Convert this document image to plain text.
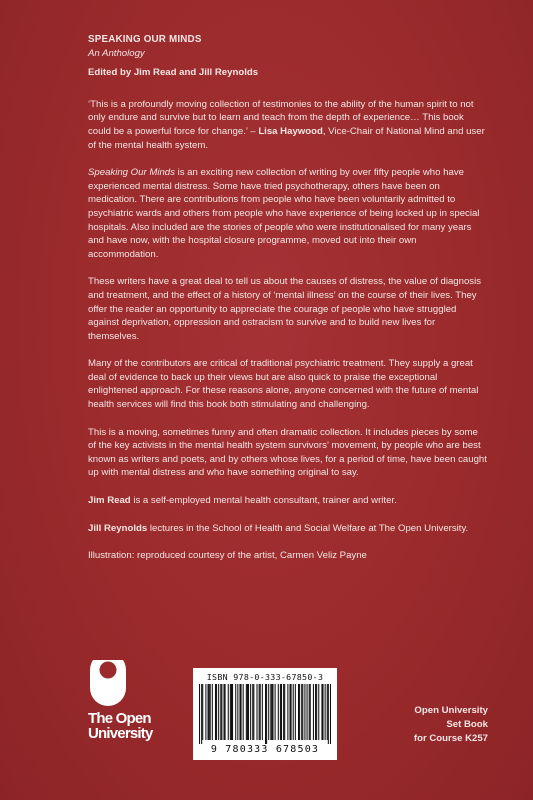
SPEAKING OUR MINDS
An Anthology
Edited by Jim Read and Jill Reynolds

‘This is a profoundly moving collection of testimonies to the ability of the human spirit to not only endure and survive but to learn and teach from the depth of experience… This book could be a powerful force for change.’ – Lisa Haywood, Vice-Chair of National Mind and user of the mental health system.

Speaking Our Minds is an exciting new collection of writing by over fifty people who have experienced mental distress. Some have tried psychotherapy, others have been on medication. There are contributions from people who have been voluntarily admitted to psychiatric wards and others from people who have experience of being locked up in special hospitals. Also included are the stories of people who were institutionalised for many years and have now, with the hospital closure programme, moved out into their own accommodation.

These writers have a great deal to tell us about the causes of distress, the value of diagnosis and treatment, and the effect of a history of ‘mental illness’ on the course of their lives. They offer the reader an opportunity to appreciate the courage of people who have struggled against deprivation, oppression and ostracism to survive and to build new lives for themselves.

Many of the contributors are critical of traditional psychiatric treatment. They supply a great deal of evidence to back up their views but are also quick to praise the exceptional enlightened approach. For these reasons alone, anyone concerned with the future of mental health services will find this book both stimulating and challenging.

This is a moving, sometimes funny and often dramatic collection. It includes pieces by some of the key activists in the mental health system survivors’ movement, by people who are best known as writers and poets, and by others whose lives, for a period of time, have been caught up with mental distress and who have something original to say.

Jim Read is a self-employed mental health consultant, trainer and writer.

Jill Reynolds lectures in the School of Health and Social Welfare at The Open University.

Illustration: reproduced courtesy of the artist, Carmen Veliz Payne

The Open
University
ISBN 978-0-333-67850-3
9 780333 678503
Open University
Set Book
for Course K257
